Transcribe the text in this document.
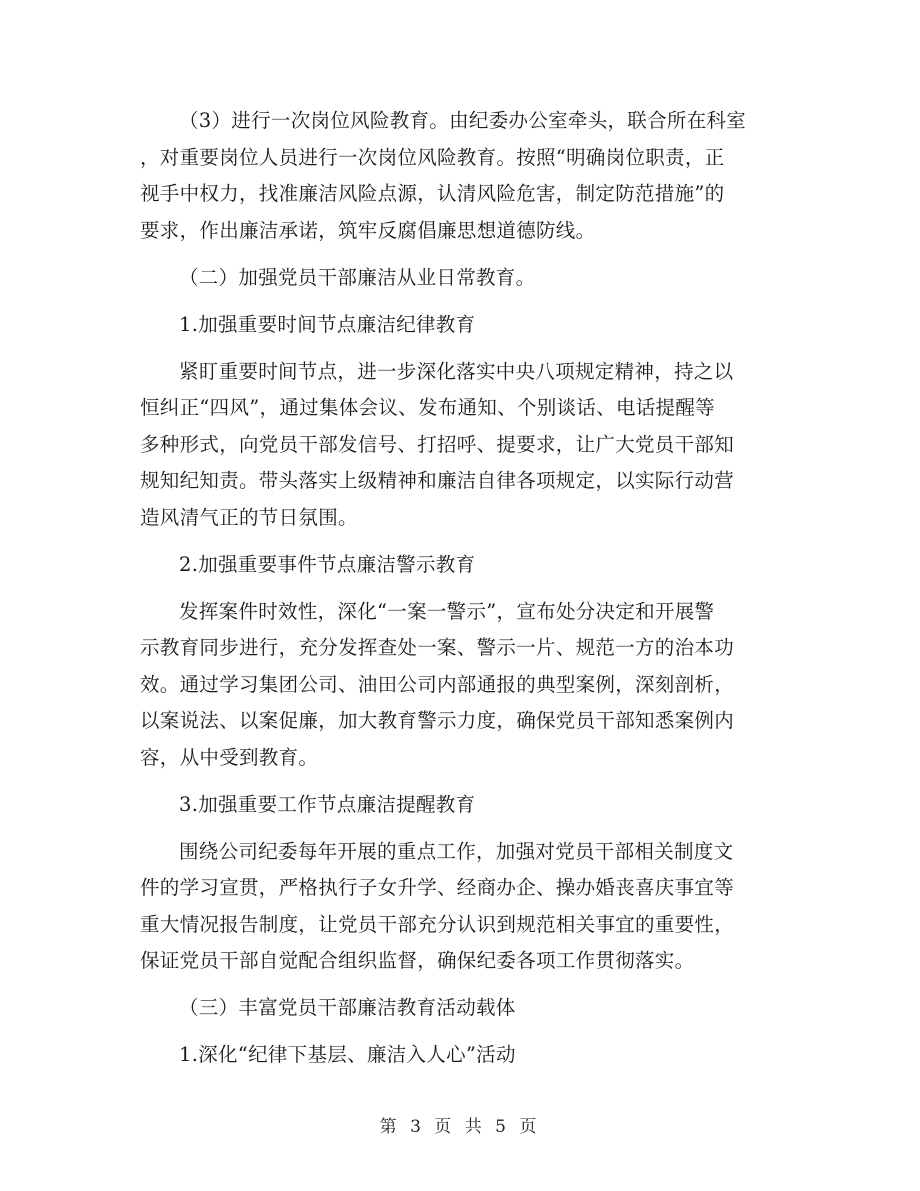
（3）进行一次岗位风险教育。由纪委办公室牵头，联合所在科室
，对重要岗位人员进行一次岗位风险教育。按照“明确岗位职责，正
视手中权力，找准廉洁风险点源，认清风险危害，制定防范措施”的
要求，作出廉洁承诺，筑牢反腐倡廉思想道德防线。
（二）加强党员干部廉洁从业日常教育。
1.加强重要时间节点廉洁纪律教育
紧盯重要时间节点，进一步深化落实中央八项规定精神，持之以
恒纠正“四风”，通过集体会议、发布通知、个别谈话、电话提醒等
多种形式，向党员干部发信号、打招呼、提要求，让广大党员干部知
规知纪知责。带头落实上级精神和廉洁自律各项规定，以实际行动营
造风清气正的节日氛围。
2.加强重要事件节点廉洁警示教育
发挥案件时效性，深化“一案一警示”，宣布处分决定和开展警
示教育同步进行，充分发挥查处一案、警示一片、规范一方的治本功
效。通过学习集团公司、油田公司内部通报的典型案例，深刻剖析，
以案说法、以案促廉，加大教育警示力度，确保党员干部知悉案例内
容，从中受到教育。
3.加强重要工作节点廉洁提醒教育
围绕公司纪委每年开展的重点工作，加强对党员干部相关制度文
件的学习宣贯，严格执行子女升学、经商办企、操办婚丧喜庆事宜等
重大情况报告制度，让党员干部充分认识到规范相关事宜的重要性，
保证党员干部自觉配合组织监督，确保纪委各项工作贯彻落实。
（三）丰富党员干部廉洁教育活动载体
1.深化“纪律下基层、廉洁入人心”活动
第 3 页 共 5 页
